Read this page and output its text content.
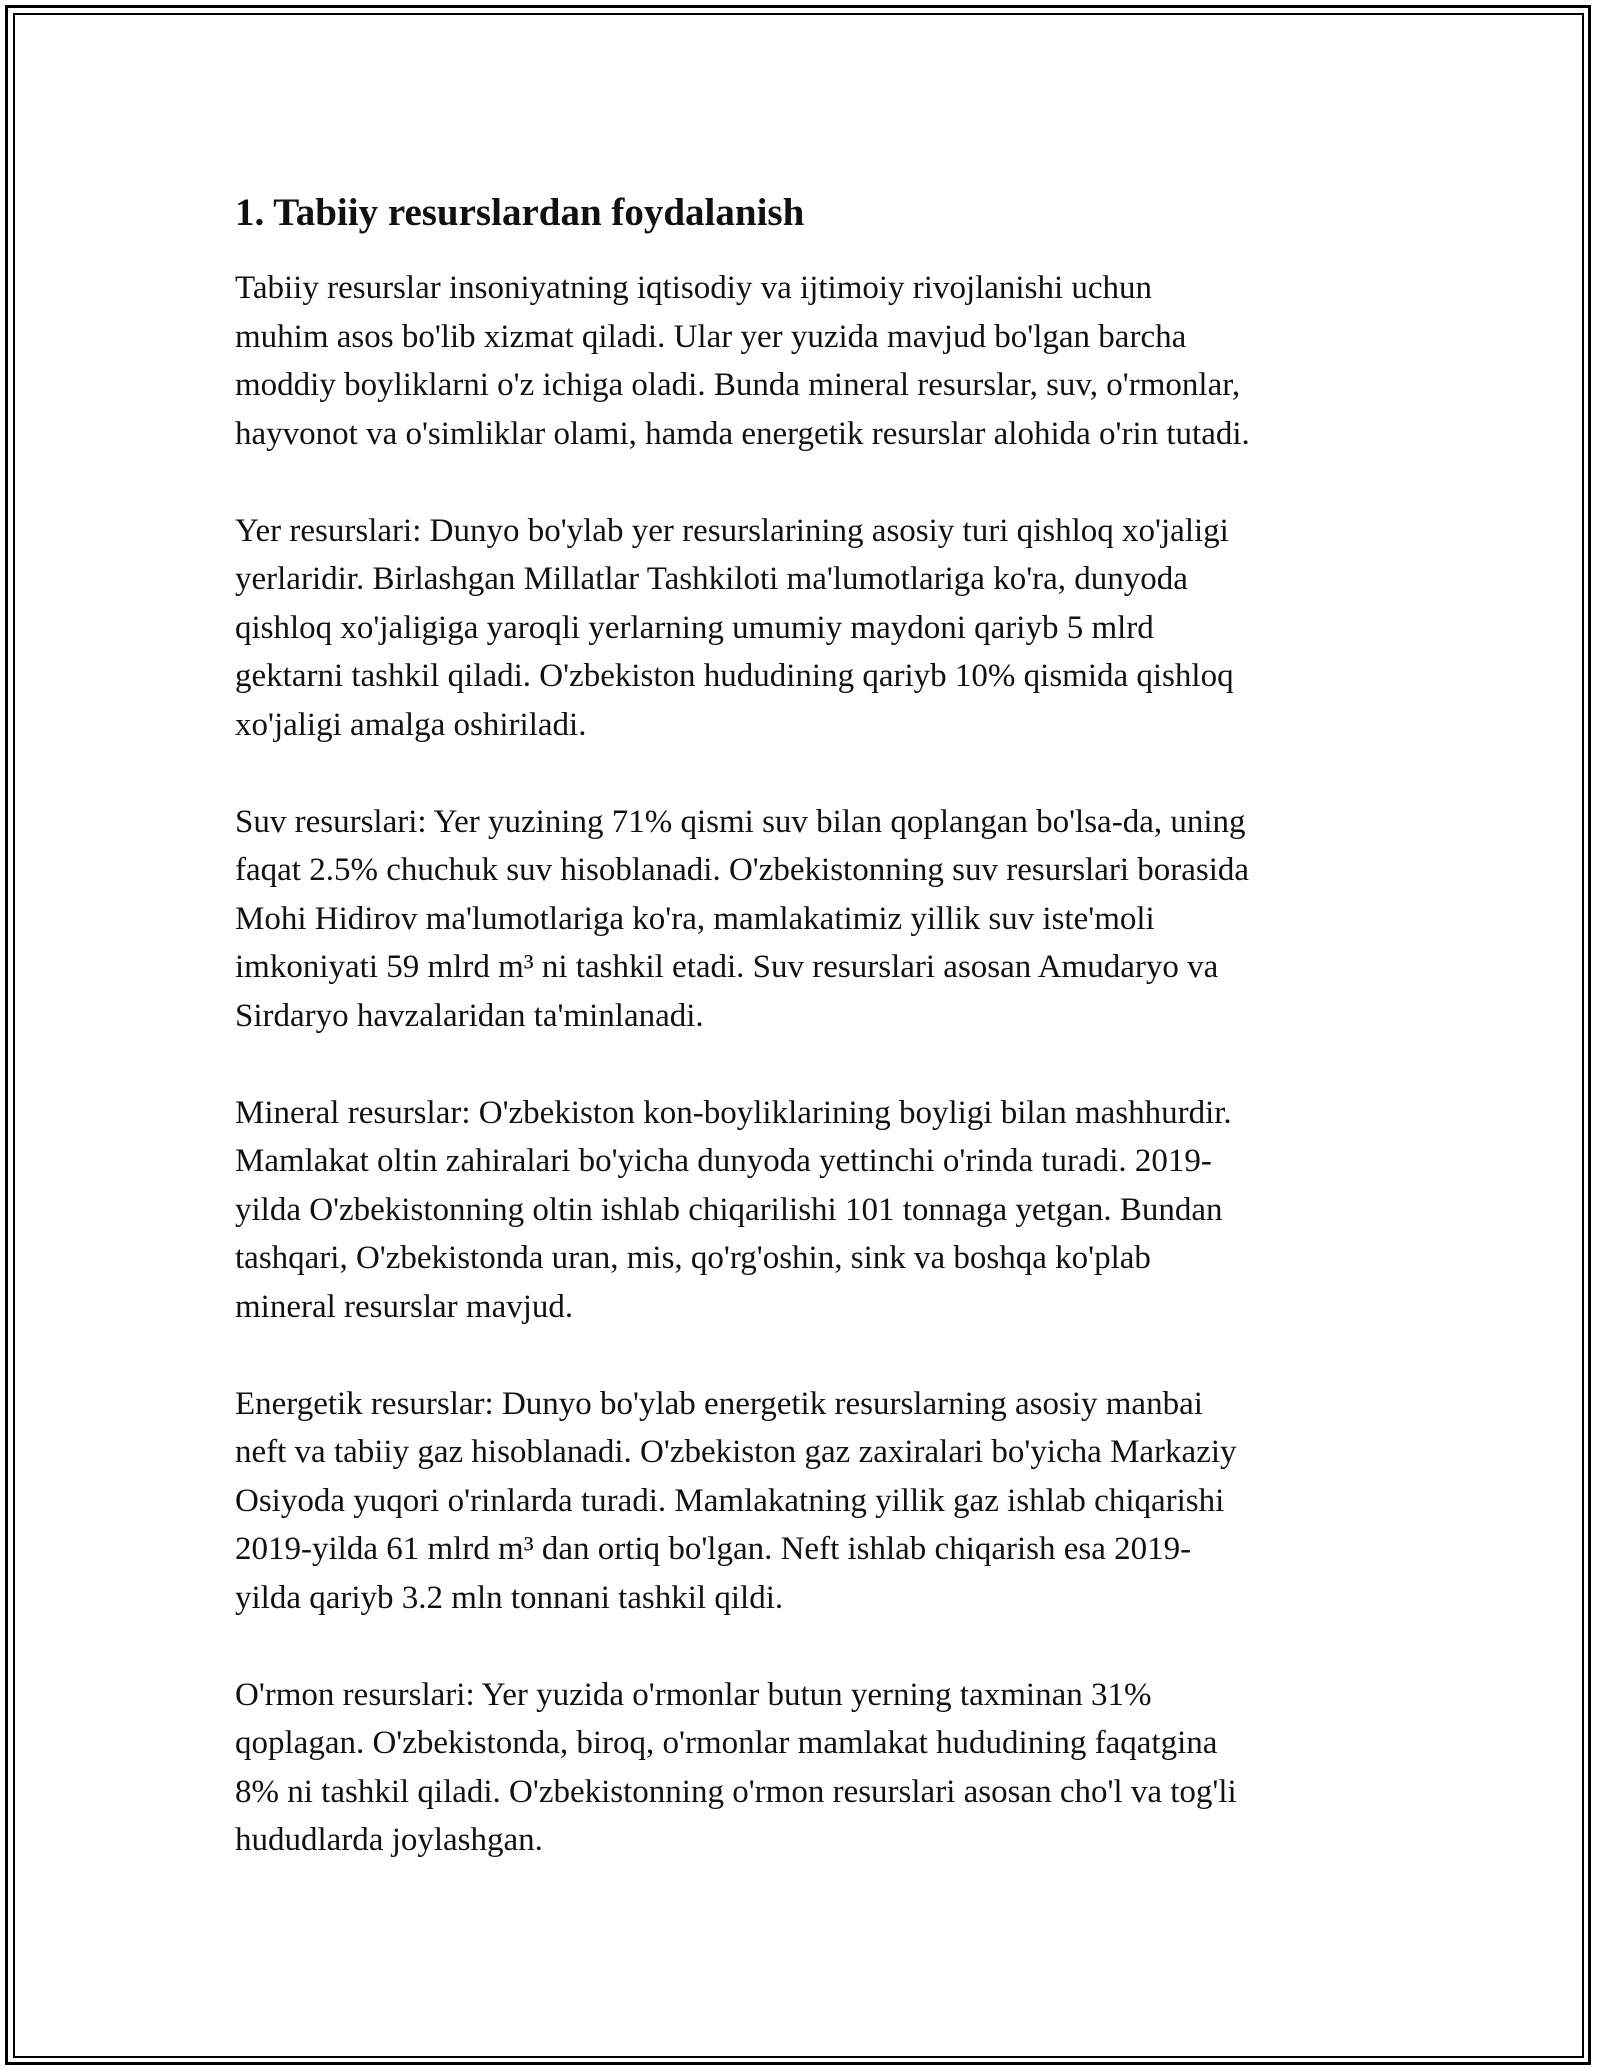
1. Tabiiy resurslardan foydalanish

Tabiiy resurslar insoniyatning iqtisodiy va ijtimoiy rivojlanishi uchun
muhim asos bo'lib xizmat qiladi. Ular yer yuzida mavjud bo'lgan barcha
moddiy boyliklarni o'z ichiga oladi. Bunda mineral resurslar, suv, o'rmonlar,
hayvonot va o'simliklar olami, hamda energetik resurslar alohida o'rin tutadi.

Yer resurslari: Dunyo bo'ylab yer resurslarining asosiy turi qishloq xo'jaligi
yerlaridir. Birlashgan Millatlar Tashkiloti ma'lumotlariga ko'ra, dunyoda
qishloq xo'jaligiga yaroqli yerlarning umumiy maydoni qariyb 5 mlrd
gektarni tashkil qiladi. O'zbekiston hududining qariyb 10% qismida qishloq
xo'jaligi amalga oshiriladi.

Suv resurslari: Yer yuzining 71% qismi suv bilan qoplangan bo'lsa-da, uning
faqat 2.5% chuchuk suv hisoblanadi. O'zbekistonning suv resurslari borasida
Mohi Hidirov ma'lumotlariga ko'ra, mamlakatimiz yillik suv iste'moli
imkoniyati 59 mlrd m³ ni tashkil etadi. Suv resurslari asosan Amudaryo va
Sirdaryo havzalaridan ta'minlanadi.

Mineral resurslar: O'zbekiston kon-boyliklarining boyligi bilan mashhurdir.
Mamlakat oltin zahiralari bo'yicha dunyoda yettinchi o'rinda turadi. 2019-
yilda O'zbekistonning oltin ishlab chiqarilishi 101 tonnaga yetgan. Bundan
tashqari, O'zbekistonda uran, mis, qo'rg'oshin, sink va boshqa ko'plab
mineral resurslar mavjud.

Energetik resurslar: Dunyo bo'ylab energetik resurslarning asosiy manbai
neft va tabiiy gaz hisoblanadi. O'zbekiston gaz zaxiralari bo'yicha Markaziy
Osiyoda yuqori o'rinlarda turadi. Mamlakatning yillik gaz ishlab chiqarishi
2019-yilda 61 mlrd m³ dan ortiq bo'lgan. Neft ishlab chiqarish esa 2019-
yilda qariyb 3.2 mln tonnani tashkil qildi.

O'rmon resurslari: Yer yuzida o'rmonlar butun yerning taxminan 31%
qoplagan. O'zbekistonda, biroq, o'rmonlar mamlakat hududining faqatgina
8% ni tashkil qiladi. O'zbekistonning o'rmon resurslari asosan cho'l va tog'li
hududlarda joylashgan.
